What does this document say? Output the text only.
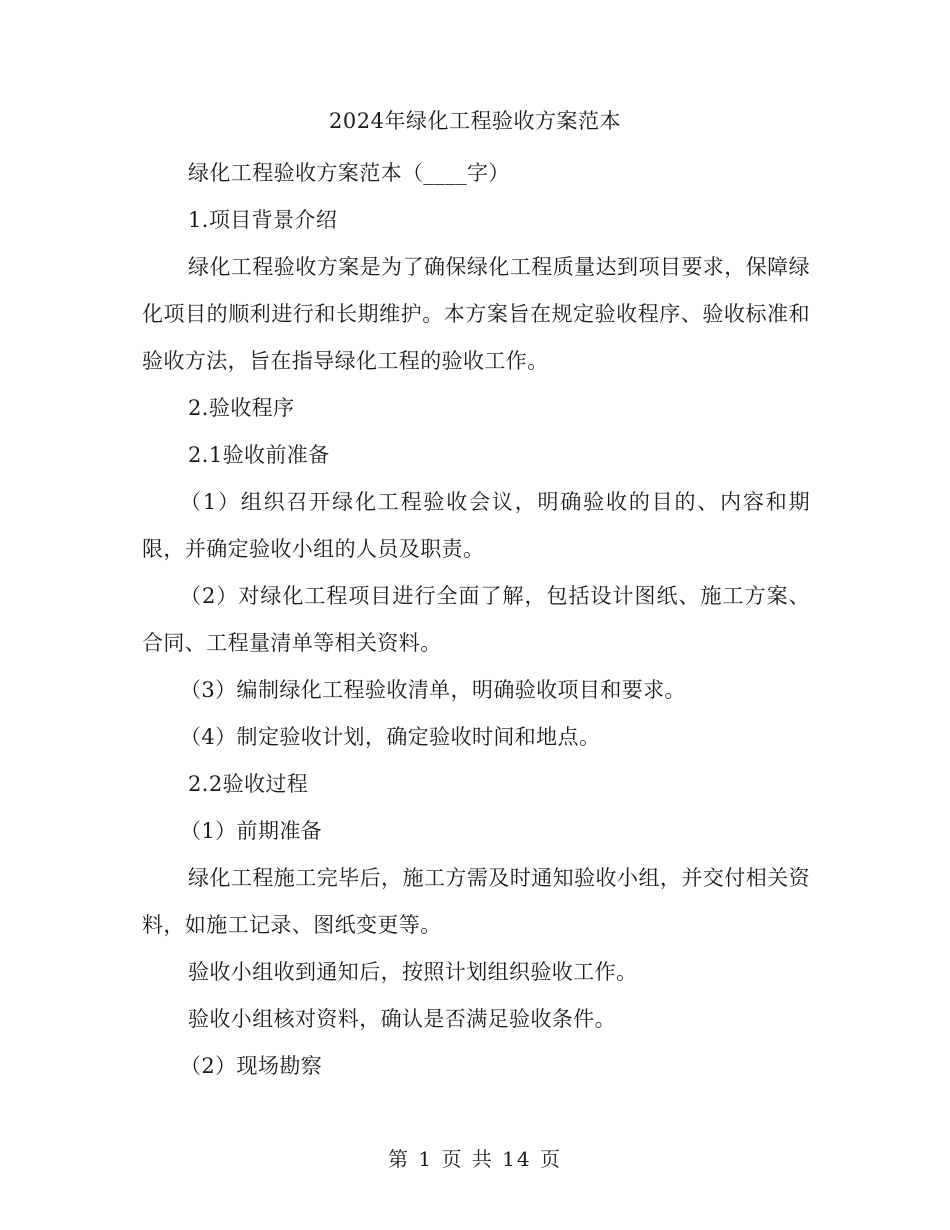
2024年绿化工程验收方案范本

绿化工程验收方案范本（____字）

1.项目背景介绍

绿化工程验收方案是为了确保绿化工程质量达到项目要求，保障绿化项目的顺利进行和长期维护。本方案旨在规定验收程序、验收标准和验收方法，旨在指导绿化工程的验收工作。

2.验收程序

2.1验收前准备

（1）组织召开绿化工程验收会议，明确验收的目的、内容和期限，并确定验收小组的人员及职责。

（2）对绿化工程项目进行全面了解，包括设计图纸、施工方案、合同、工程量清单等相关资料。

（3）编制绿化工程验收清单，明确验收项目和要求。

（4）制定验收计划，确定验收时间和地点。

2.2验收过程

（1）前期准备

绿化工程施工完毕后，施工方需及时通知验收小组，并交付相关资料，如施工记录、图纸变更等。

验收小组收到通知后，按照计划组织验收工作。

验收小组核对资料，确认是否满足验收条件。

（2）现场勘察

第 1 页 共 14 页
